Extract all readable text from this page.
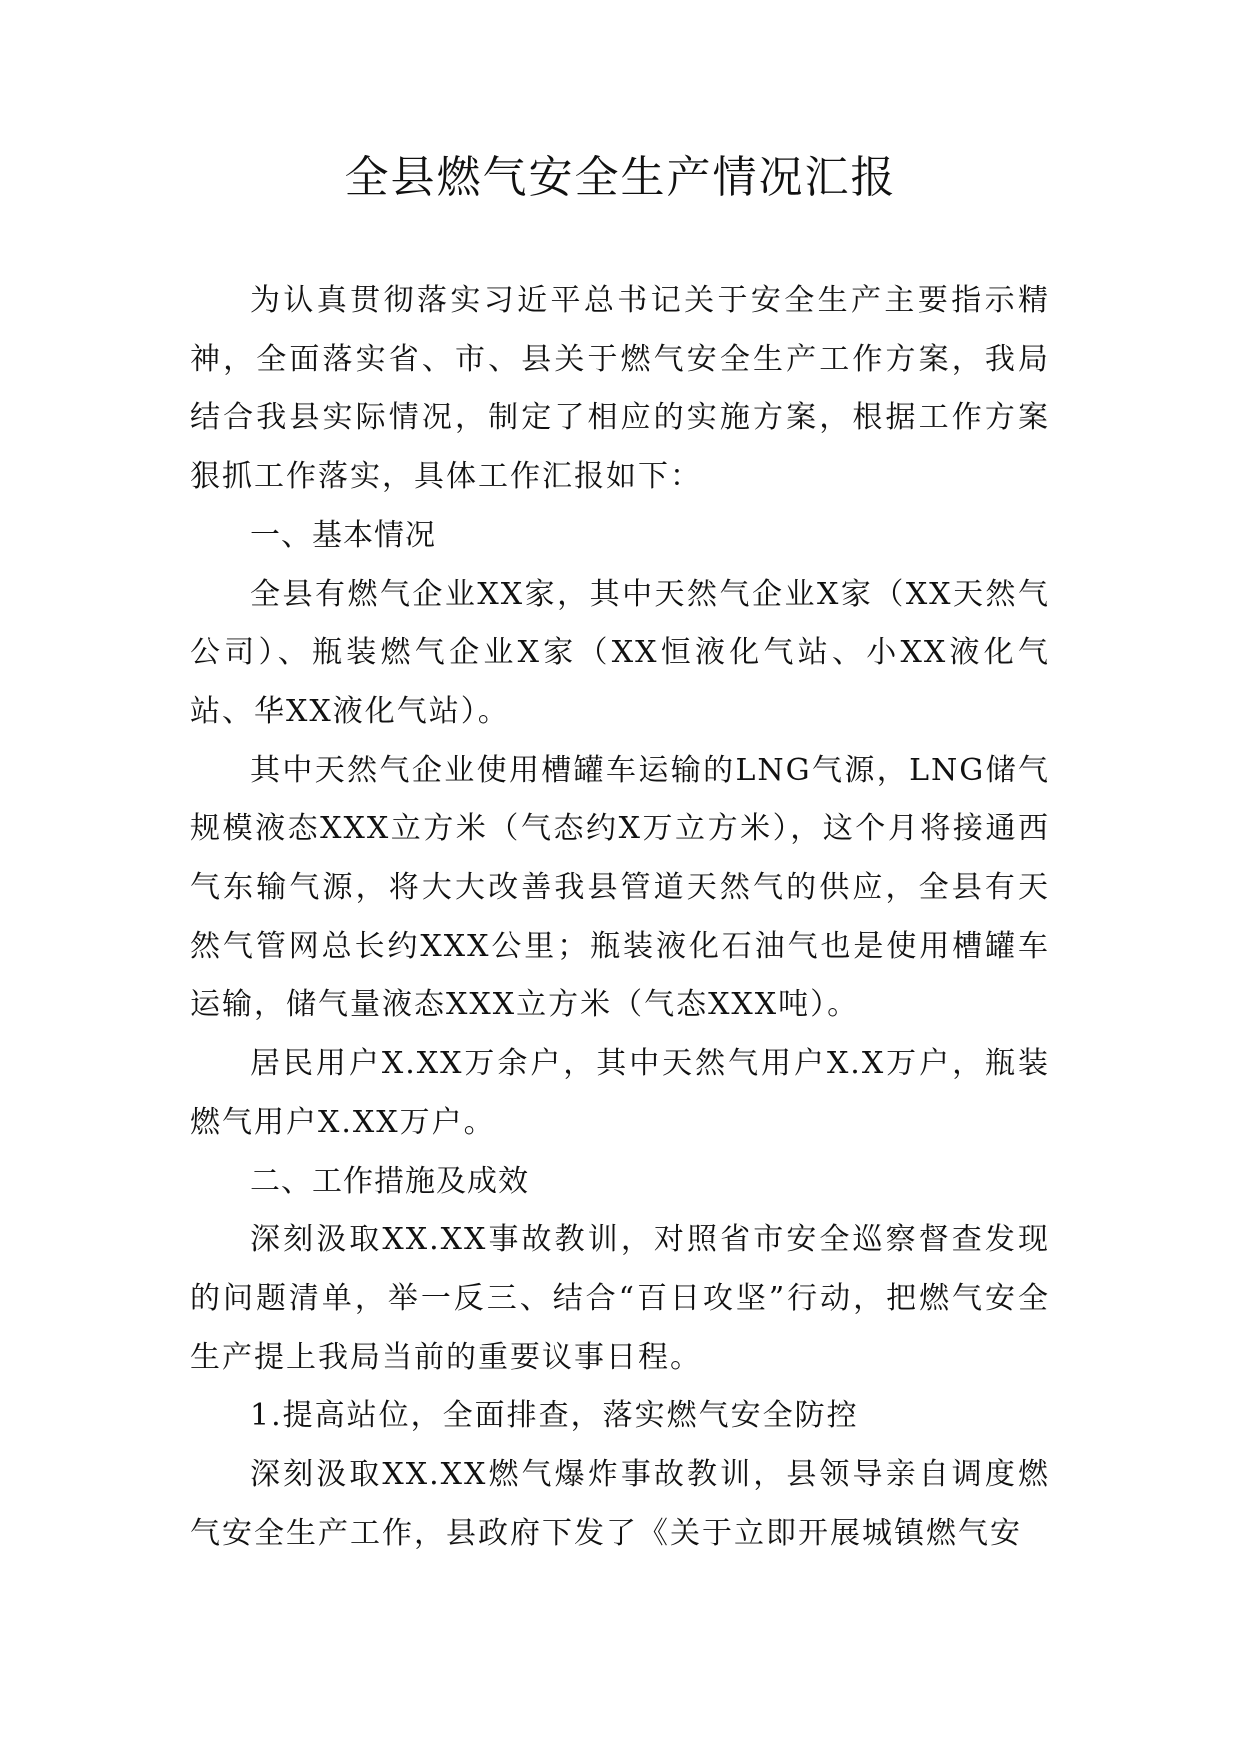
全县燃气安全生产情况汇报

为认真贯彻落实习近平总书记关于安全生产主要指示精神，全面落实省、市、县关于燃气安全生产工作方案，我局结合我县实际情况，制定了相应的实施方案，根据工作方案狠抓工作落实，具体工作汇报如下：

一、基本情况

全县有燃气企业XX家，其中天然气企业X家（XX天然气公司）、瓶装燃气企业X家（XX恒液化气站、小XX液化气站、华XX液化气站）。

其中天然气企业使用槽罐车运输的LNG气源，LNG储气规模液态XXX立方米（气态约X万立方米），这个月将接通西气东输气源，将大大改善我县管道天然气的供应，全县有天然气管网总长约XXX公里；瓶装液化石油气也是使用槽罐车运输，储气量液态XXX立方米（气态XXX吨）。

居民用户X.XX万余户，其中天然气用户X.X万户，瓶装燃气用户X.XX万户。

二、工作措施及成效

深刻汲取XX.XX事故教训，对照省市安全巡察督查发现的问题清单，举一反三、结合“百日攻坚”行动，把燃气安全生产提上我局当前的重要议事日程。

1.提高站位，全面排查，落实燃气安全防控

深刻汲取XX.XX燃气爆炸事故教训，县领导亲自调度燃气安全生产工作，县政府下发了《关于立即开展城镇燃气安
